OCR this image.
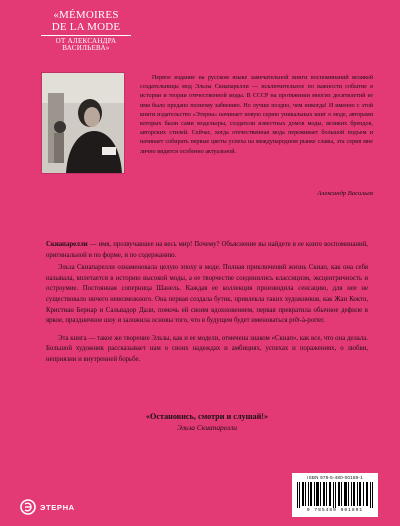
«МÉMOIRES
DE LA MODE
ОТ АЛЕКСАНДРА ВАСИЛЬЕВА»
Первое издание на русском языке замечательной книги воспоминаний великой создательницы мод Эльзы Скиапарелли — исключительное по важности событие в истории и теории отечественной моды. В СССР на протяжении многих десятилетий ее имя было предано полному забвению. Но лучше поздно, чем никогда! И именно с этой книги издательство «Этерна» начинает новую серию уникальных книг о моде, авторами которых были сами модельеры, создатели известных домов моды, великих брендов, авторских стилей. Сейчас, когда отечественная мода переживает большой подъем и начинает собирать первые цветы успеха на международном рынке славы, эта серия мне лично видится особенно актуальной.
Александр Васильев

Скиапарелли — имя, прозвучавшее на весь мир! Почему? Объяснение вы найдете в ее книге воспоминаний, оригинальной и по форме, и по содержанию.

Эльза Скиапарелли ознаменовала целую эпоху в моде. Полная приключений жизнь Скиап, как она себя называла, вплетается в историю высокой моды, а ее творчестве соединились классицизм, эксцентричность и остроумие. Постоянная соперница Шанель. Каждая ее коллекция производила сенсацию, для нее не существовало ничего невозможного. Она первая создала бутик, привлекла таких художников, как Жан Кокто, Кристиан Бернар и Сальвадор Дали, помочь ей своим вдохновением, первая превратила обычное дефиле в яркое, праздничное шоу и заложила основы того, что в будущем будет именоваться prêt-à-porter.

Эта книга — такое же творение Эльзы, как и ее модели, отмечена знаком «Скиап», как все, что она делала. Большой художник рассказывает нам о своих надеждах и амбициях, успехах и поражениях, о любви, неприязни и внутренней борьбе.

«Остановись, смотри и слушай!»
Эльза Скиапарелли
ISBN 978-5-480-00189-1
9 785480 001891
ЭТЕРНА
